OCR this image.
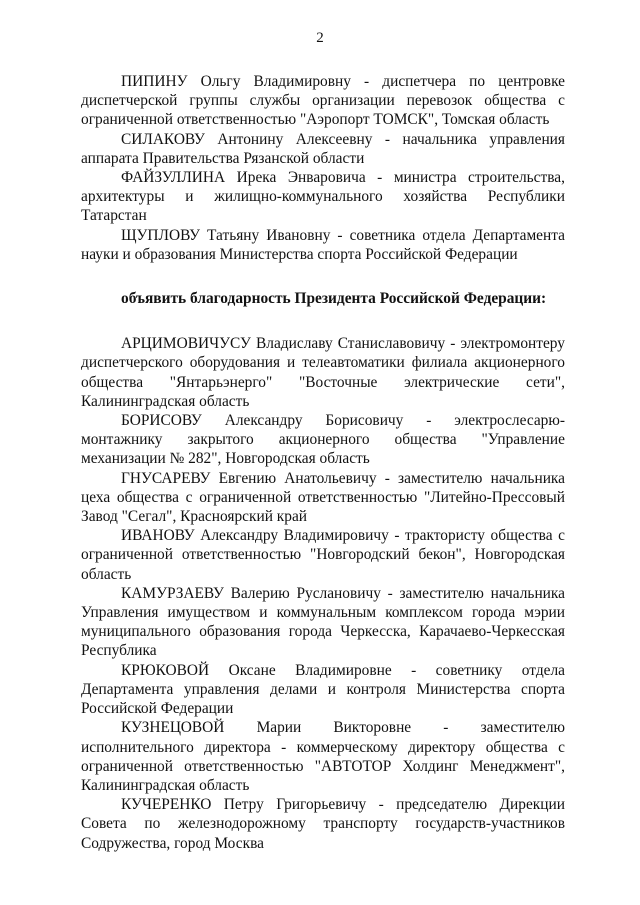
2

ПИПИНУ Ольгу Владимировну - диспетчера по центровке диспетчерской группы службы организации перевозок общества с ограниченной ответственностью "Аэропорт ТОМСК", Томская область

СИЛАКОВУ Антонину Алексеевну - начальника управления аппарата Правительства Рязанской области

ФАЙЗУЛЛИНА Ирека Энваровича - министра строительства, архитектуры и жилищно-коммунального хозяйства Республики Татарстан

ЩУПЛОВУ Татьяну Ивановну - советника отдела Департамента науки и образования Министерства спорта Российской Федерации

объявить благодарность Президента Российской Федерации:

АРЦИМОВИЧУСУ Владиславу Станиславовичу - электромонтеру диспетчерского оборудования и телеавтоматики филиала акционерного общества "Янтарьэнерго" "Восточные электрические сети", Калининградская область

БОРИСОВУ Александру Борисовичу - электрослесарю-монтажнику закрытого акционерного общества "Управление механизации № 282", Новгородская область

ГНУСАРЕВУ Евгению Анатольевичу - заместителю начальника цеха общества с ограниченной ответственностью "Литейно-Прессовый Завод "Сегал", Красноярский край

ИВАНОВУ Александру Владимировичу - трактористу общества с ограниченной ответственностью "Новгородский бекон", Новгородская область

КАМУРЗАЕВУ Валерию Руслановичу - заместителю начальника Управления имуществом и коммунальным комплексом города мэрии муниципального образования города Черкесска, Карачаево-Черкесская Республика

КРЮКОВОЙ Оксане Владимировне - советнику отдела Департамента управления делами и контроля Министерства спорта Российской Федерации

КУЗНЕЦОВОЙ Марии Викторовне - заместителю исполнительного директора - коммерческому директору общества с ограниченной ответственностью "АВТОТОР Холдинг Менеджмент", Калининградская область

КУЧЕРЕНКО Петру Григорьевичу - председателю Дирекции Совета по железнодорожному транспорту государств-участников Содружества, город Москва
